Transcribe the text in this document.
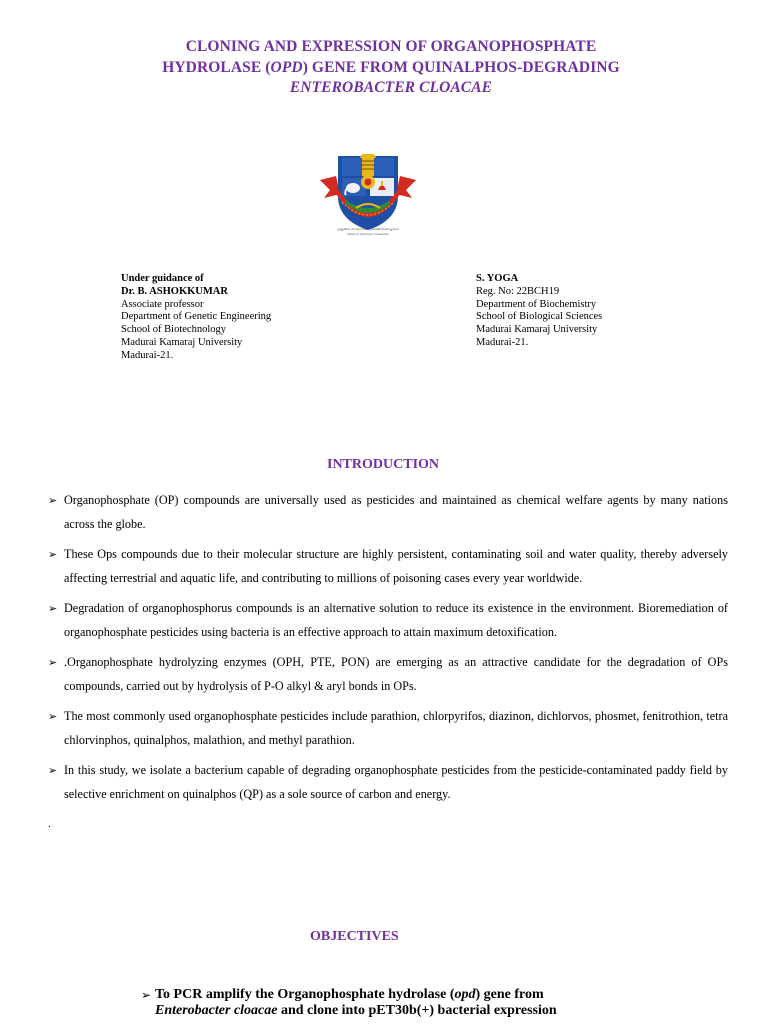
CLONING AND EXPRESSION OF ORGANOPHOSPHATE
HYDROLASE (OPD) GENE FROM QUINALPHOS-DEGRADING
ENTEROBACTER CLOACAE
மதுரை காமராசர் பல்கலைக்கழகம்
Madurai Kamaraj University
Under guidance of
Dr. B. ASHOKKUMAR
Associate professor
Department of Genetic Engineering
School of Biotechnology
Madurai Kamaraj University
Madurai-21.
S. YOGA
Reg. No: 22BCH19
Department of Biochemistry
School of Biological Sciences
Madurai Kamaraj University
Madurai-21.
INTRODUCTION
➢ Organophosphate (OP) compounds are universally used as pesticides and maintained as chemical welfare agents by many nations across the globe.
➢ These Ops compounds due to their molecular structure are highly persistent, contaminating soil and water quality, thereby adversely affecting terrestrial and aquatic life, and contributing to millions of poisoning cases every year worldwide.
➢ Degradation of organophosphorus compounds is an alternative solution to reduce its existence in the environment. Bioremediation of organophosphate pesticides using bacteria is an effective approach to attain maximum detoxification.
➢ .Organophosphate hydrolyzing enzymes (OPH, PTE, PON) are emerging as an attractive candidate for the degradation of OPs compounds, carried out by hydrolysis of P-O alkyl & aryl bonds in OPs.
➢ The most commonly used organophosphate pesticides include parathion, chlorpyrifos, diazinon, dichlorvos, phosmet, fenitrothion, tetra chlorvinphos, quinalphos, malathion, and methyl parathion.
➢ In this study, we isolate a bacterium capable of degrading organophosphate pesticides from the pesticide-contaminated paddy field by selective enrichment on quinalphos (QP) as a sole source of carbon and energy.
.
OBJECTIVES
➢ To PCR amplify the Organophosphate hydrolase (opd) gene from
Enterobacter cloacae and clone into pET30b(+) bacterial expression
